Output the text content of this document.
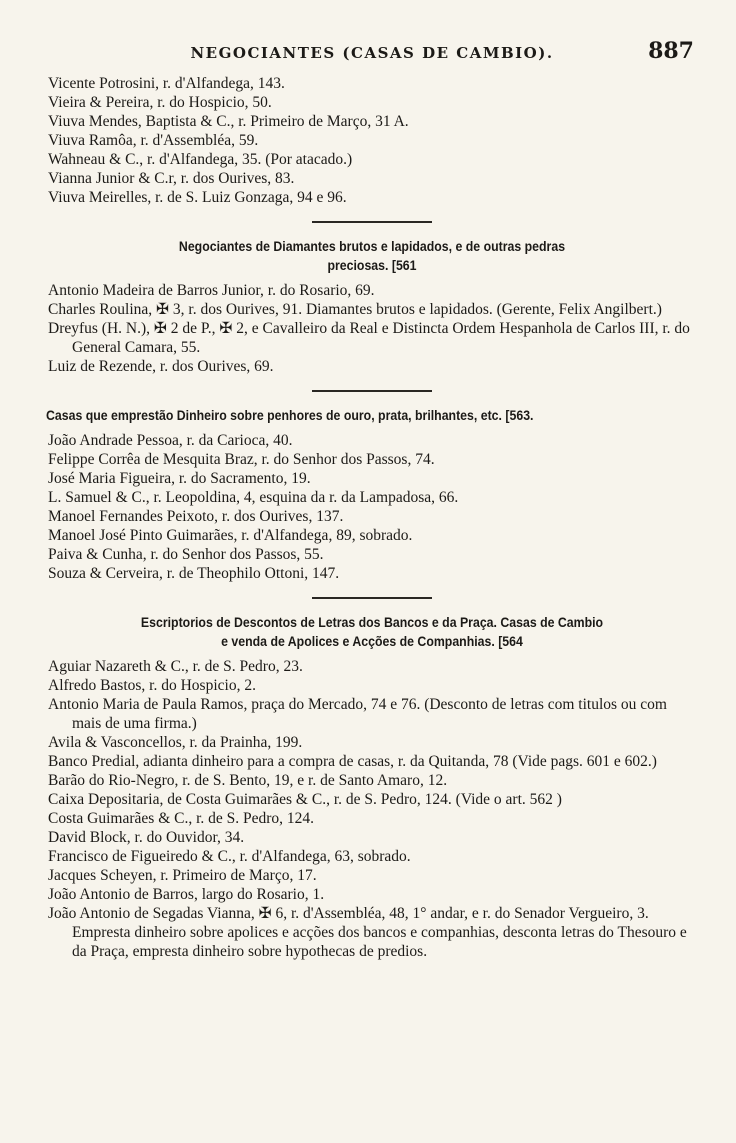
NEGOCIANTES (CASAS DE CAMBIO).	887
Vicente Potrosini, r. d'Alfandega, 143.
Vieira & Pereira, r. do Hospicio, 50.
Viuva Mendes, Baptista & C., r. Primeiro de Março, 31 A.
Viuva Ramôa, r. d'Assembléa, 59.
Wahneau & C., r. d'Alfandega, 35. (Por atacado.)
Vianna Junior & C.r, r. dos Ourives, 83.
Viuva Meirelles, r. de S. Luiz Gonzaga, 94 e 96.
Negociantes de Diamantes brutos e lapidados, e de outras pedras
preciosas. [561
Antonio Madeira de Barros Junior, r. do Rosario, 69.
Charles Roulina, ✠ 3, r. dos Ourives, 91. Diamantes brutos e lapidados. (Gerente, Felix Angilbert.)
Dreyfus (H. N.), ✠ 2 de P., ✠ 2, e Cavalleiro da Real e Distincta Ordem Hespanhola de Carlos III, r. do General Camara, 55.
Luiz de Rezende, r. dos Ourives, 69.
Casas que emprestão Dinheiro sobre penhores de ouro, prata, brilhantes, etc. [563.
João Andrade Pessoa, r. da Carioca, 40.
Felippe Corrêa de Mesquita Braz, r. do Senhor dos Passos, 74.
José Maria Figueira, r. do Sacramento, 19.
L. Samuel & C., r. Leopoldina, 4, esquina da r. da Lampadosa, 66.
Manoel Fernandes Peixoto, r. dos Ourives, 137.
Manoel José Pinto Guimarães, r. d'Alfandega, 89, sobrado.
Paiva & Cunha, r. do Senhor dos Passos, 55.
Souza & Cerveira, r. de Theophilo Ottoni, 147.
Escriptorios de Descontos de Letras dos Bancos e da Praça. Casas de Cambio
e venda de Apolices e Acções de Companhias. [564
Aguiar Nazareth & C., r. de S. Pedro, 23.
Alfredo Bastos, r. do Hospicio, 2.
Antonio Maria de Paula Ramos, praça do Mercado, 74 e 76. (Desconto de letras com titulos ou com mais de uma firma.)
Avila & Vasconcellos, r. da Prainha, 199.
Banco Predial, adianta dinheiro para a compra de casas, r. da Quitanda, 78 (Vide pags. 601 e 602.)
Barão do Rio-Negro, r. de S. Bento, 19, e r. de Santo Amaro, 12.
Caixa Depositaria, de Costa Guimarães & C., r. de S. Pedro, 124. (Vide o art. 562 )
Costa Guimarães & C., r. de S. Pedro, 124.
David Block, r. do Ouvidor, 34.
Francisco de Figueiredo & C., r. d'Alfandega, 63, sobrado.
Jacques Scheyen, r. Primeiro de Março, 17.
João Antonio de Barros, largo do Rosario, 1.
João Antonio de Segadas Vianna, ✠ 6, r. d'Assembléa, 48, 1° andar, e r. do Senador Vergueiro, 3. Empresta dinheiro sobre apolices e acções dos bancos e companhias, desconta letras do Thesouro e da Praça, empresta dinheiro sobre hypothecas de predios.
